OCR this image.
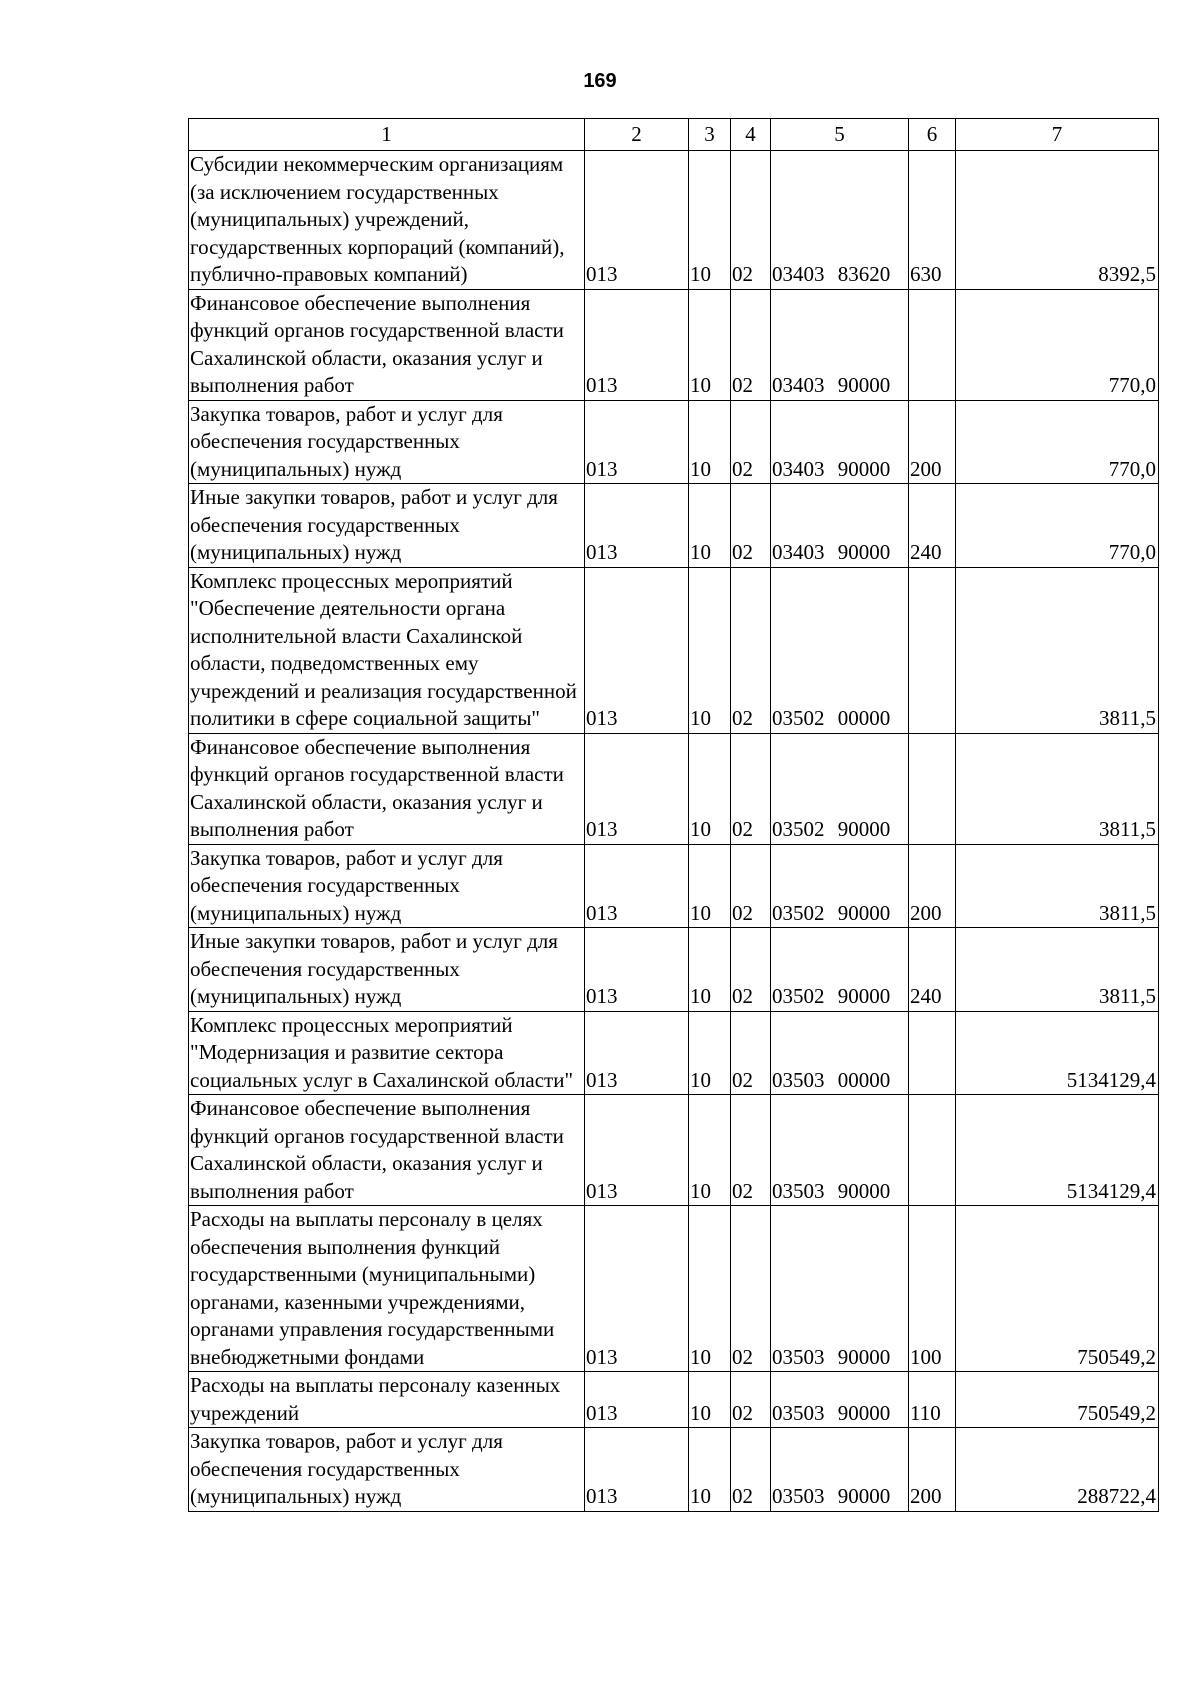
169
1	2	3	4	5	6	7
Субсидии некоммерческим организациям (за исключением государственных (муниципальных) учреждений, государственных корпораций (компаний), публично-правовых компаний)	013	10	02	03403 83620	630	8392,5
Финансовое обеспечение выполнения функций органов государственной власти Сахалинской области, оказания услуг и выполнения работ	013	10	02	03403 90000		770,0
Закупка товаров, работ и услуг для обеспечения государственных (муниципальных) нужд	013	10	02	03403 90000	200	770,0
Иные закупки товаров, работ и услуг для обеспечения государственных (муниципальных) нужд	013	10	02	03403 90000	240	770,0
Комплекс процессных мероприятий "Обеспечение деятельности органа исполнительной власти Сахалинской области, подведомственных ему учреждений и реализация государственной политики в сфере социальной защиты"	013	10	02	03502 00000		3811,5
Финансовое обеспечение выполнения функций органов государственной власти Сахалинской области, оказания услуг и выполнения работ	013	10	02	03502 90000		3811,5
Закупка товаров, работ и услуг для обеспечения государственных (муниципальных) нужд	013	10	02	03502 90000	200	3811,5
Иные закупки товаров, работ и услуг для обеспечения государственных (муниципальных) нужд	013	10	02	03502 90000	240	3811,5
Комплекс процессных мероприятий "Модернизация и развитие сектора социальных услуг в Сахалинской области"	013	10	02	03503 00000		5134129,4
Финансовое обеспечение выполнения функций органов государственной власти Сахалинской области, оказания услуг и выполнения работ	013	10	02	03503 90000		5134129,4
Расходы на выплаты персоналу в целях обеспечения выполнения функций государственными (муниципальными) органами, казенными учреждениями, органами управления государственными внебюджетными фондами	013	10	02	03503 90000	100	750549,2
Расходы на выплаты персоналу казенных учреждений	013	10	02	03503 90000	110	750549,2
Закупка товаров, работ и услуг для обеспечения государственных (муниципальных) нужд	013	10	02	03503 90000	200	288722,4
